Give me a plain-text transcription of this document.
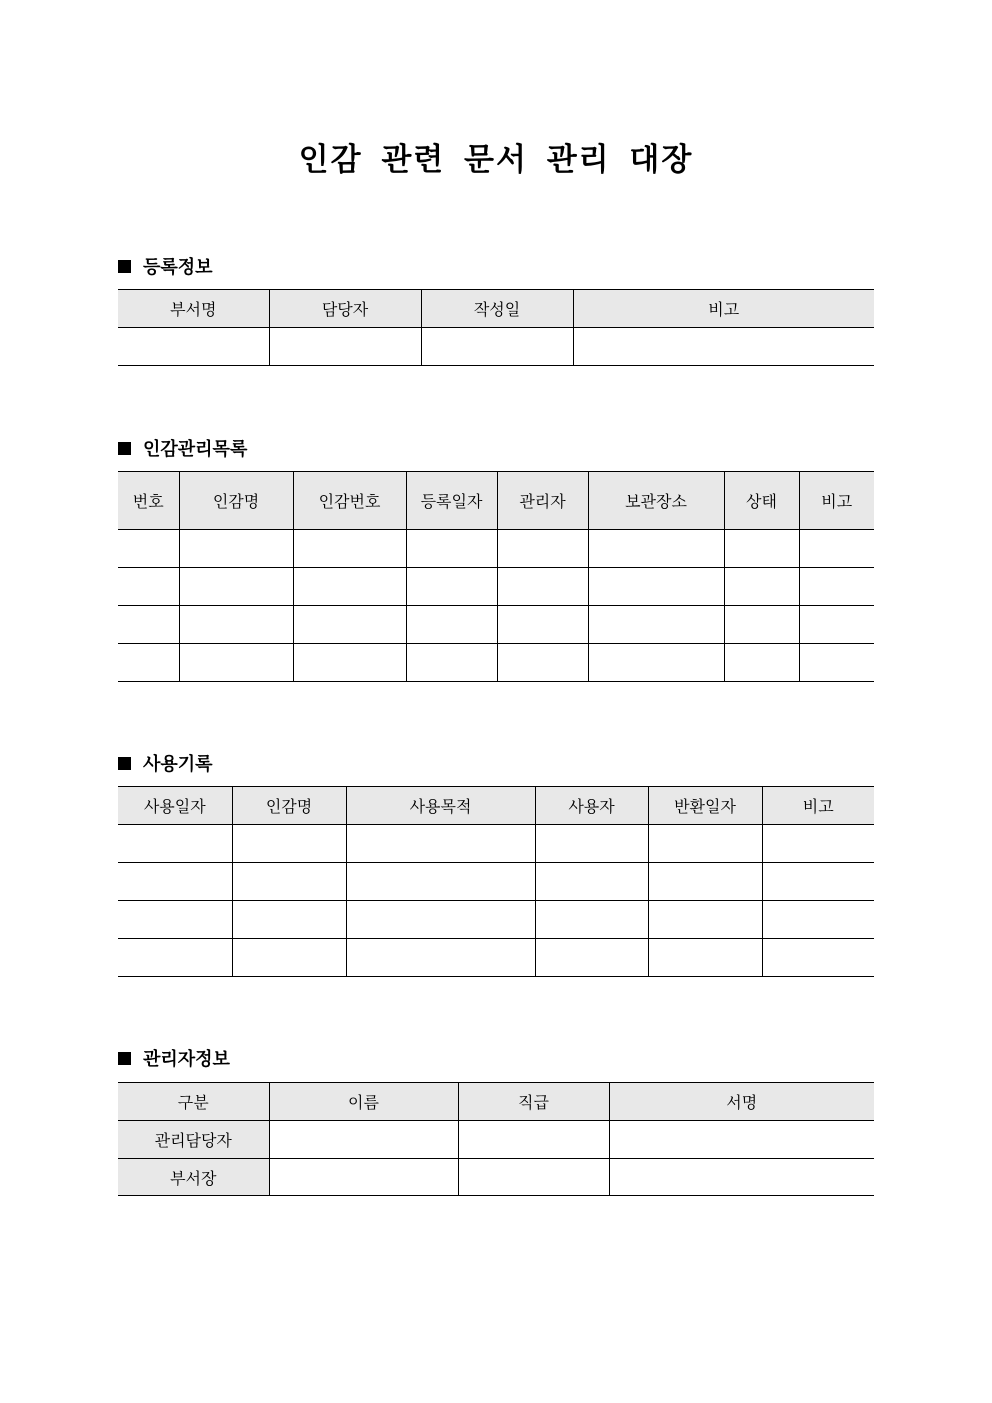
인감 관련 문서 관리 대장
등록정보
부서명	담당자	작성일	비고

인감관리목록
번호	인감명	인감번호	등록일자	관리자	보관장소	상태	비고

사용기록
사용일자	인감명	사용목적	사용자	반환일자	비고

관리자정보
구분	이름	직급	서명
관리담당자			
부서장			
